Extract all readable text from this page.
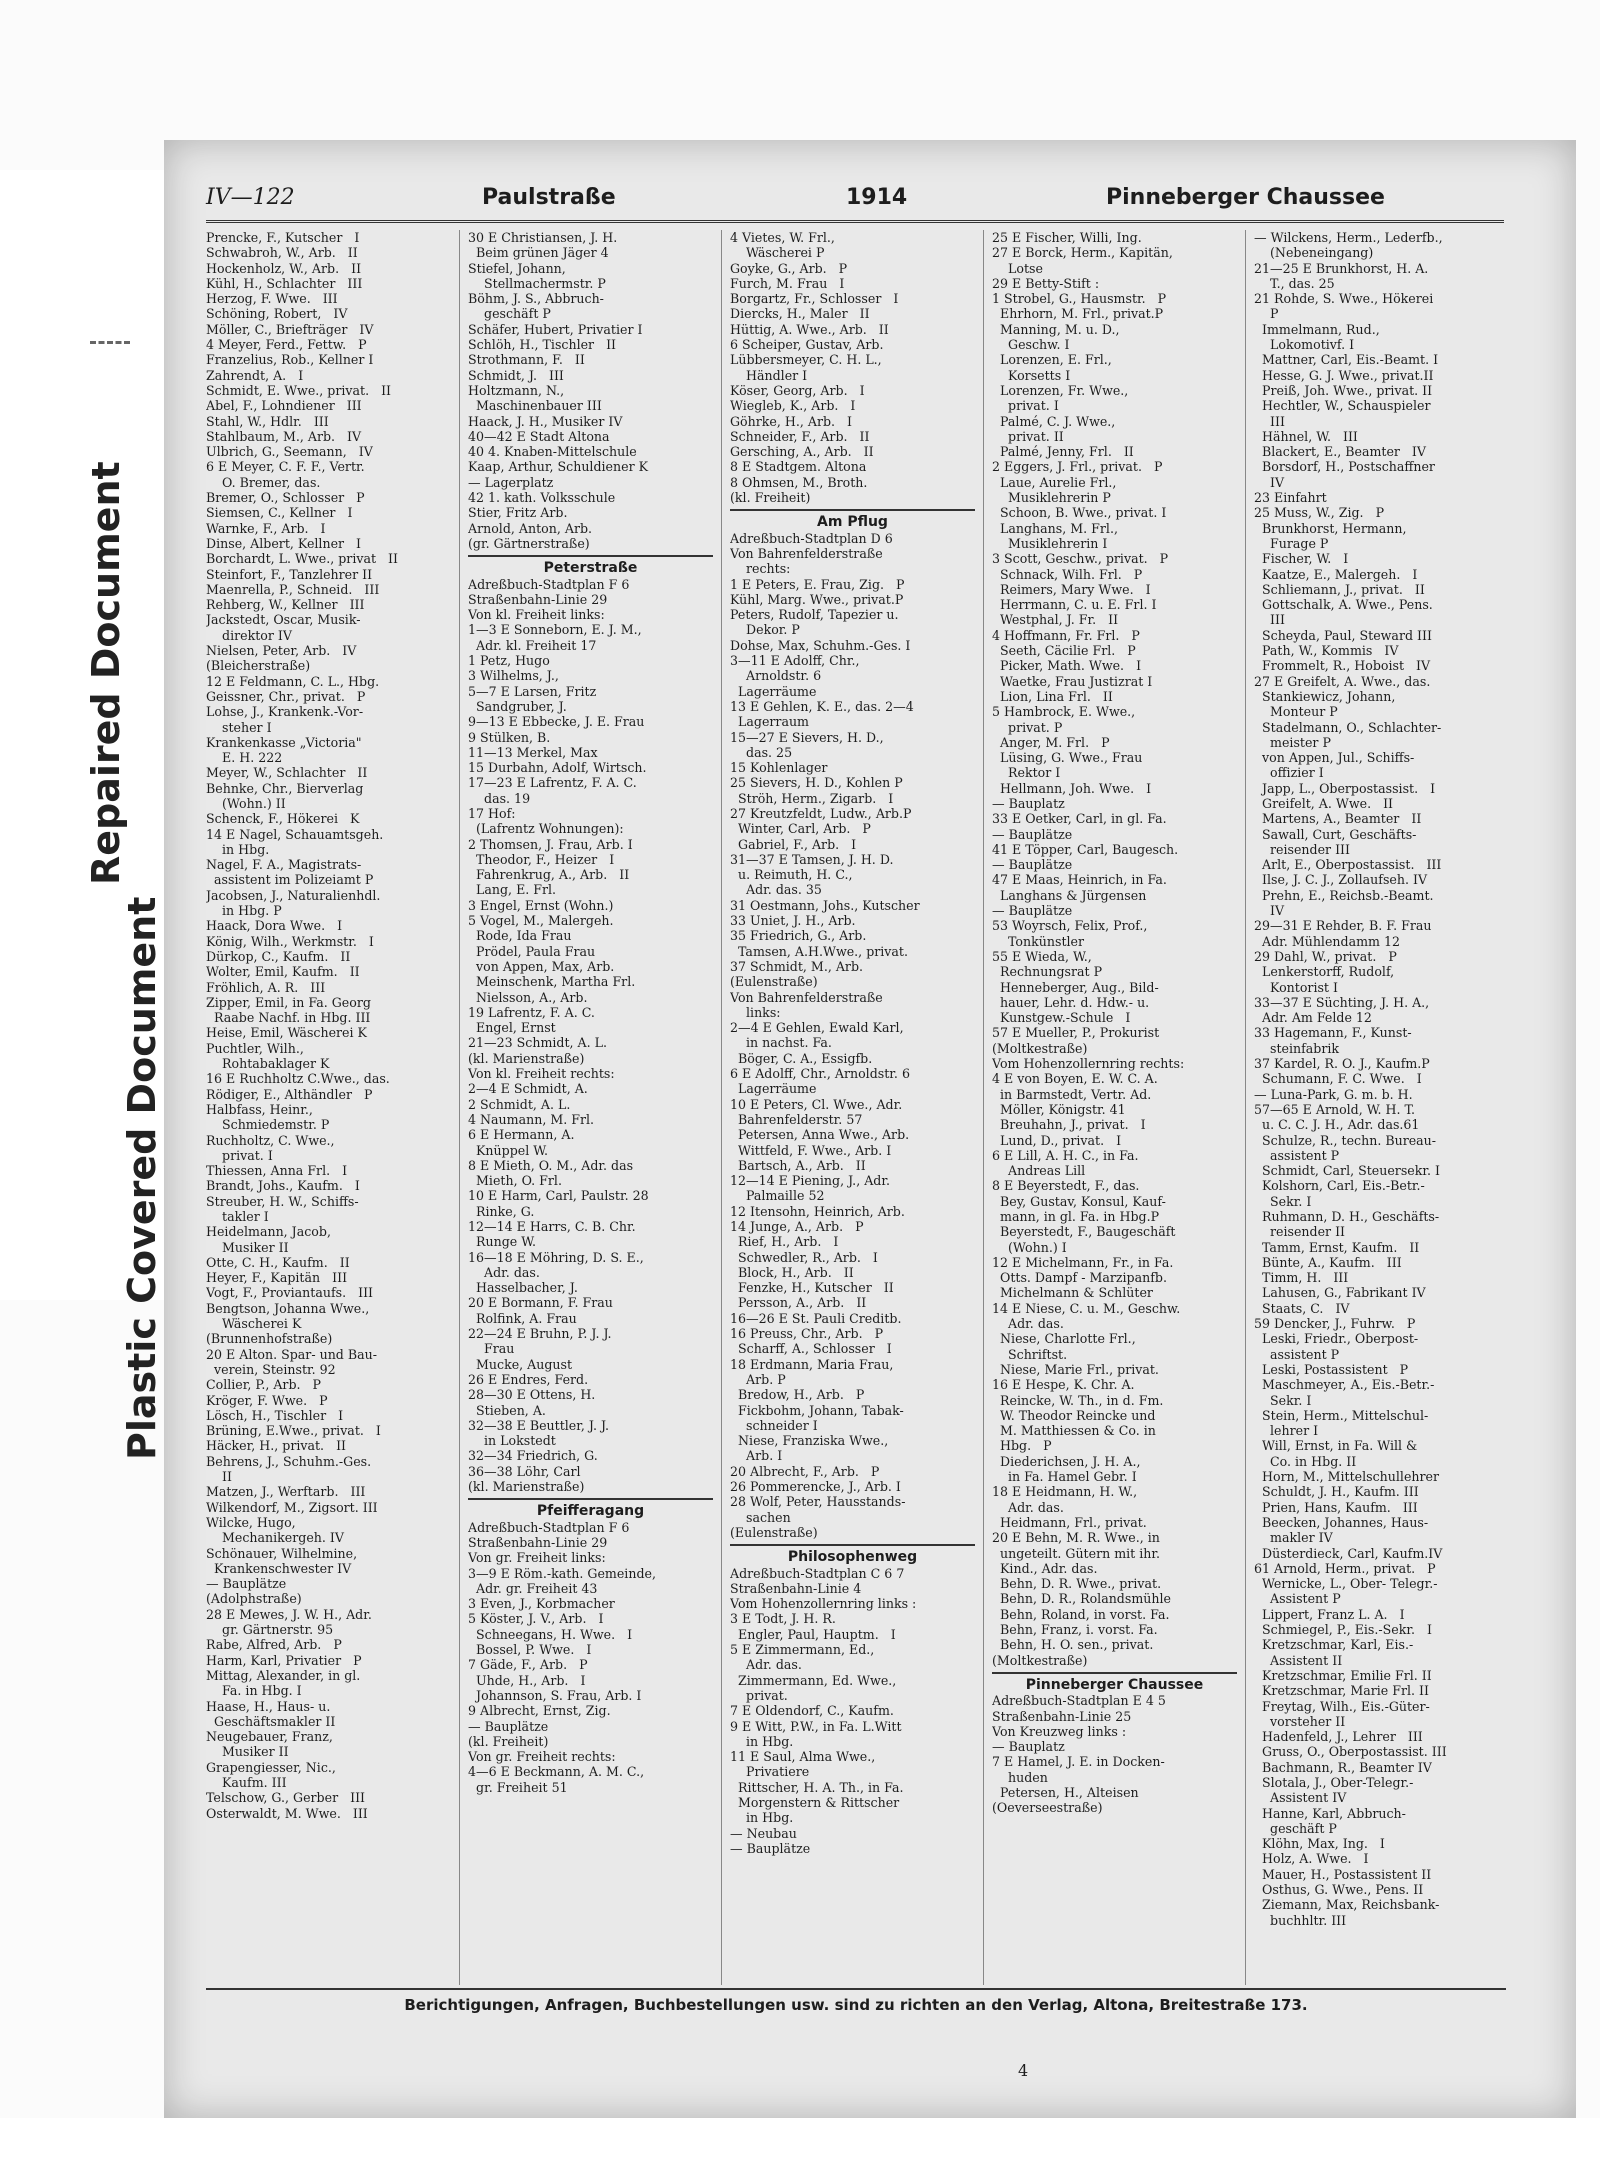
Repaired Document
Plastic Covered Document
IV—122	Paulstraße	1914	Pinneberger Chaussee
Prencke, F., Kutscher   I
Schwabroh, W., Arb.   II
Hockenholz, W., Arb.   II
Kühl, H., Schlachter   III
Herzog, F. Wwe.   III
Schöning, Robert,   IV
Möller, C., Briefträger   IV
4 Meyer, Ferd., Fettw.   P
Franzelius, Rob., Kellner I
Zahrendt, A.   I
Schmidt, E. Wwe., privat.   II
Abel, F., Lohndiener   III
Stahl, W., Hdlr.   III
Stahlbaum, M., Arb.   IV
Ulbrich, G., Seemann,   IV
6 E Meyer, C. F. F., Vertr.
O. Bremer, das.
Bremer, O., Schlosser   P
Siemsen, C., Kellner   I
Warnke, F., Arb.   I
Dinse, Albert, Kellner   I
Borchardt, L. Wwe., privat   II
Steinfort, F., Tanzlehrer II
Maenrella, P., Schneid.   III
Rehberg, W., Kellner   III
Jackstedt, Oscar, Musik-
direktor IV
Nielsen, Peter, Arb.   IV
(Bleicherstraße)
12 E Feldmann, C. L., Hbg.
Geissner, Chr., privat.   P
Lohse, J., Krankenk.-Vor-
steher I
Krankenkasse „Victoria"
E. H. 222
Meyer, W., Schlachter   II
Behnke, Chr., Bierverlag
(Wohn.) II
Schenck, F., Hökerei   K
14 E Nagel, Schauamtsgeh.
in Hbg.
Nagel, F. A., Magistrats-
assistent im Polizeiamt P
Jacobsen, J., Naturalienhdl.
in Hbg. P
Haack, Dora Wwe.   I
König, Wilh., Werkmstr.   I
Dürkop, C., Kaufm.   II
Wolter, Emil, Kaufm.   II
Fröhlich, A. R.   III
Zipper, Emil, in Fa. Georg
Raabe Nachf. in Hbg. III
Heise, Emil, Wäscherei K
Puchtler, Wilh.,
Rohtabaklager K
16 E Ruchholtz C.Wwe., das.
Rödiger, E., Althändler   P
Halbfass, Heinr.,
Schmiedemstr. P
Ruchholtz, C. Wwe.,
privat. I
Thiessen, Anna Frl.   I
Brandt, Johs., Kaufm.   I
Streuber, H. W., Schiffs-
takler I
Heidelmann, Jacob,
Musiker II
Otte, C. H., Kaufm.   II
Heyer, F., Kapitän   III
Vogt, F., Proviantaufs.   III
Bengtson, Johanna Wwe.,
Wäscherei K
(Brunnenhofstraße)
20 E Alton. Spar- und Bau-
verein, Steinstr. 92
Collier, P., Arb.   P
Kröger, F. Wwe.   P
Lösch, H., Tischler   I
Brüning, E.Wwe., privat.   I
Häcker, H., privat.   II
Behrens, J., Schuhm.-Ges.
II
Matzen, J., Werftarb.   III
Wilkendorf, M., Zigsort. III
Wilcke, Hugo,
Mechanikergeh. IV
Schönauer, Wilhelmine,
Krankenschwester IV
— Bauplätze
(Adolphstraße)
28 E Mewes, J. W. H., Adr.
gr. Gärtnerstr. 95
Rabe, Alfred, Arb.   P
Harm, Karl, Privatier   P
Mittag, Alexander, in gl.
Fa. in Hbg. I
Haase, H., Haus- u.
Geschäftsmakler II
Neugebauer, Franz,
Musiker II
Grapengiesser, Nic.,
Kaufm. III
Telschow, G., Gerber   III
Osterwaldt, M. Wwe.   III
30 E Christiansen, J. H.
Beim grünen Jäger 4
Stiefel, Johann,
Stellmachermstr. P
Böhm, J. S., Abbruch-
geschäft P
Schäfer, Hubert, Privatier I
Schlöh, H., Tischler   II
Strothmann, F.   II
Schmidt, J.   III
Holtzmann, N.,
Maschinenbauer III
Haack, J. H., Musiker IV
40—42 E Stadt Altona
40 4. Knaben-Mittelschule
Kaap, Arthur, Schuldiener K
— Lagerplatz
42 1. kath. Volksschule
Stier, Fritz Arb.
Arnold, Anton, Arb.
(gr. Gärtnerstraße)
Peterstraße
Adreßbuch-Stadtplan F 6
Straßenbahn-Linie 29
Von kl. Freiheit links:
1—3 E Sonneborn, E. J. M.,
Adr. kl. Freiheit 17
1 Petz, Hugo
3 Wilhelms, J.,
5—7 E Larsen, Fritz
Sandgruber, J.
9—13 E Ebbecke, J. E. Frau
9 Stülken, B.
11—13 Merkel, Max
15 Durbahn, Adolf, Wirtsch.
17—23 E Lafrentz, F. A. C.
das. 19
17 Hof:
(Lafrentz Wohnungen):
2 Thomsen, J. Frau, Arb. I
Theodor, F., Heizer   I
Fahrenkrug, A., Arb.   II
Lang, E. Frl.
3 Engel, Ernst (Wohn.)
5 Vogel, M., Malergeh.
Rode, Ida Frau
Prödel, Paula Frau
von Appen, Max, Arb.
Meinschenk, Martha Frl.
Nielsson, A., Arb.
19 Lafrentz, F. A. C.
Engel, Ernst
21—23 Schmidt, A. L.
(kl. Marienstraße)
Von kl. Freiheit rechts:
2—4 E Schmidt, A.
2 Schmidt, A. L.
4 Naumann, M. Frl.
6 E Hermann, A.
Knüppel W.
8 E Mieth, O. M., Adr. das
Mieth, O. Frl.
10 E Harm, Carl, Paulstr. 28
Rinke, G.
12—14 E Harrs, C. B. Chr.
Runge W.
16—18 E Möhring, D. S. E.,
Adr. das.
Hasselbacher, J.
20 E Bormann, F. Frau
Rolfink, A. Frau
22—24 E Bruhn, P. J. J.
Frau
Mucke, August
26 E Endres, Ferd.
28—30 E Ottens, H.
Stieben, A.
32—38 E Beuttler, J. J.
in Lokstedt
32—34 Friedrich, G.
36—38 Löhr, Carl
(kl. Marienstraße)
Pfeifferagang
Adreßbuch-Stadtplan F 6
Straßenbahn-Linie 29
Von gr. Freiheit links:
3—9 E Röm.-kath. Gemeinde,
Adr. gr. Freiheit 43
3 Even, J., Korbmacher
5 Köster, J. V., Arb.   I
Schneegans, H. Wwe.   I
Bossel, P. Wwe.   I
7 Gäde, F., Arb.   P
Uhde, H., Arb.   I
Johannson, S. Frau, Arb. I
9 Albrecht, Ernst, Zig.
— Bauplätze
(kl. Freiheit)
Von gr. Freiheit rechts:
4—6 E Beckmann, A. M. C.,
gr. Freiheit 51
4 Vietes, W. Frl.,
Wäscherei P
Goyke, G., Arb.   P
Furch, M. Frau   I
Borgartz, Fr., Schlosser   I
Diercks, H., Maler   II
Hüttig, A. Wwe., Arb.   II
6 Scheiper, Gustav, Arb.
Lübbersmeyer, C. H. L.,
Händler I
Köser, Georg, Arb.   I
Wiegleb, K., Arb.   I
Göhrke, H., Arb.   I
Schneider, F., Arb.   II
Gersching, A., Arb.   II
8 E Stadtgem. Altona
8 Ohmsen, M., Broth.
(kl. Freiheit)
Am Pflug
Adreßbuch-Stadtplan D 6
Von Bahrenfelderstraße
rechts:
1 E Peters, E. Frau, Zig.   P
Kühl, Marg. Wwe., privat.P
Peters, Rudolf, Tapezier u.
Dekor. P
Dohse, Max, Schuhm.-Ges. I
3—11 E Adolff, Chr.,
Arnoldstr. 6
Lagerräume
13 E Gehlen, K. E., das. 2—4
Lagerraum
15—27 E Sievers, H. D.,
das. 25
15 Kohlenlager
25 Sievers, H. D., Kohlen P
Ströh, Herm., Zigarb.   I
27 Kreutzfeldt, Ludw., Arb.P
Winter, Carl, Arb.   P
Gabriel, F., Arb.   I
31—37 E Tamsen, J. H. D.
u. Reimuth, H. C.,
Adr. das. 35
31 Oestmann, Johs., Kutscher
33 Uniet, J. H., Arb.
35 Friedrich, G., Arb.
Tamsen, A.H.Wwe., privat.
37 Schmidt, M., Arb.
(Eulenstraße)
Von Bahrenfelderstraße
links:
2—4 E Gehlen, Ewald Karl,
in nachst. Fa.
Böger, C. A., Essigfb.
6 E Adolff, Chr., Arnoldstr. 6
Lagerräume
10 E Peters, Cl. Wwe., Adr.
Bahrenfelderstr. 57
Petersen, Anna Wwe., Arb.
Wittfeld, F. Wwe., Arb. I
Bartsch, A., Arb.   II
12—14 E Piening, J., Adr.
Palmaille 52
12 Itensohn, Heinrich, Arb.
14 Junge, A., Arb.   P
Rief, H., Arb.   I
Schwedler, R., Arb.   I
Block, H., Arb.   II
Fenzke, H., Kutscher   II
Persson, A., Arb.   II
16—26 E St. Pauli Creditb.
16 Preuss, Chr., Arb.   P
Scharff, A., Schlosser   I
18 Erdmann, Maria Frau,
Arb. P
Bredow, H., Arb.   P
Fickbohm, Johann, Tabak-
schneider I
Niese, Franziska Wwe.,
Arb. I
20 Albrecht, F., Arb.   P
26 Pommerencke, J., Arb. I
28 Wolf, Peter, Hausstands-
sachen
(Eulenstraße)
Philosophenweg
Adreßbuch-Stadtplan C 6 7
Straßenbahn-Linie 4
Vom Hohenzollernring links :
3 E Todt, J. H. R.
Engler, Paul, Hauptm.   I
5 E Zimmermann, Ed.,
Adr. das.
Zimmermann, Ed. Wwe.,
privat.
7 E Oldendorf, C., Kaufm.
9 E Witt, P.W., in Fa. L.Witt
in Hbg.
11 E Saul, Alma Wwe.,
Privatiere
Rittscher, H. A. Th., in Fa.
Morgenstern & Rittscher
in Hbg.
— Neubau
— Bauplätze
25 E Fischer, Willi, Ing.
27 E Borck, Herm., Kapitän,
Lotse
29 E Betty-Stift :
1 Strobel, G., Hausmstr.   P
Ehrhorn, M. Frl., privat.P
Manning, M. u. D.,
Geschw. I
Lorenzen, E. Frl.,
Korsetts I
Lorenzen, Fr. Wwe.,
privat. I
Palmé, C. J. Wwe.,
privat. II
Palmé, Jenny, Frl.   II
2 Eggers, J. Frl., privat.   P
Laue, Aurelie Frl.,
Musiklehrerin P
Schoon, B. Wwe., privat. I
Langhans, M. Frl.,
Musiklehrerin I
3 Scott, Geschw., privat.   P
Schnack, Wilh. Frl.   P
Reimers, Mary Wwe.   I
Herrmann, C. u. E. Frl. I
Westphal, J. Fr.   II
4 Hoffmann, Fr. Frl.   P
Seeth, Cäcilie Frl.   P
Picker, Math. Wwe.   I
Waetke, Frau Justizrat I
Lion, Lina Frl.   II
5 Hambrock, E. Wwe.,
privat. P
Anger, M. Frl.   P
Lüsing, G. Wwe., Frau
Rektor I
Hellmann, Joh. Wwe.   I
— Bauplatz
33 E Oetker, Carl, in gl. Fa.
— Bauplätze
41 E Töpper, Carl, Baugesch.
— Bauplätze
47 E Maas, Heinrich, in Fa.
Langhans & Jürgensen
— Bauplätze
53 Woyrsch, Felix, Prof.,
Tonkünstler
55 E Wieda, W.,
Rechnungsrat P
Henneberger, Aug., Bild-
hauer, Lehr. d. Hdw.- u.
Kunstgew.-Schule   I
57 E Mueller, P., Prokurist
(Moltkestraße)
Vom Hohenzollernring rechts:
4 E von Boyen, E. W. C. A.
in Barmstedt, Vertr. Ad.
Möller, Königstr. 41
Breuhahn, J., privat.   I
Lund, D., privat.   I
6 E Lill, A. H. C., in Fa.
Andreas Lill
8 E Beyerstedt, F., das.
Bey, Gustav, Konsul, Kauf-
mann, in gl. Fa. in Hbg.P
Beyerstedt, F., Baugeschäft
(Wohn.) I
12 E Michelmann, Fr., in Fa.
Otts. Dampf - Marzipanfb.
Michelmann & Schlüter
14 E Niese, C. u. M., Geschw.
Adr. das.
Niese, Charlotte Frl.,
Schriftst.
Niese, Marie Frl., privat.
16 E Hespe, K. Chr. A.
Reincke, W. Th., in d. Fm.
W. Theodor Reincke und
M. Matthiessen & Co. in
Hbg.   P
Diederichsen, J. H. A.,
in Fa. Hamel Gebr. I
18 E Heidmann, H. W.,
Adr. das.
Heidmann, Frl., privat.
20 E Behn, M. R. Wwe., in
ungeteilt. Gütern mit ihr.
Kind., Adr. das.
Behn, D. R. Wwe., privat.
Behn, D. R., Rolandsmühle
Behn, Roland, in vorst. Fa.
Behn, Franz, i. vorst. Fa.
Behn, H. O. sen., privat.
(Moltkestraße)
Pinneberger Chaussee
Adreßbuch-Stadtplan E 4 5
Straßenbahn-Linie 25
Von Kreuzweg links :
— Bauplatz
7 E Hamel, J. E. in Docken-
huden
Petersen, H., Alteisen
(Oeverseestraße)
— Wilckens, Herm., Lederfb.,
(Nebeneingang)
21—25 E Brunkhorst, H. A.
T., das. 25
21 Rohde, S. Wwe., Hökerei
P
Immelmann, Rud.,
Lokomotivf. I
Mattner, Carl, Eis.-Beamt. I
Hesse, G. J. Wwe., privat.II
Preiß, Joh. Wwe., privat. II
Hechtler, W., Schauspieler
III
Hähnel, W.   III
Blackert, E., Beamter   IV
Borsdorf, H., Postschaffner
IV
23 Einfahrt
25 Muss, W., Zig.   P
Brunkhorst, Hermann,
Furage P
Fischer, W.   I
Kaatze, E., Malergeh.   I
Schliemann, J., privat.   II
Gottschalk, A. Wwe., Pens.
III
Scheyda, Paul, Steward III
Path, W., Kommis   IV
Frommelt, R., Hoboist   IV
27 E Greifelt, A. Wwe., das.
Stankiewicz, Johann,
Monteur P
Stadelmann, O., Schlachter-
meister P
von Appen, Jul., Schiffs-
offizier I
Japp, L., Oberpostassist.   I
Greifelt, A. Wwe.   II
Martens, A., Beamter   II
Sawall, Curt, Geschäfts-
reisender III
Arlt, E., Oberpostassist.   III
Ilse, J. C. J., Zollaufseh. IV
Prehn, E., Reichsb.-Beamt.
IV
29—31 E Rehder, B. F. Frau
Adr. Mühlendamm 12
29 Dahl, W., privat.   P
Lenkerstorff, Rudolf,
Kontorist I
33—37 E Süchting, J. H. A.,
Adr. Am Felde 12
33 Hagemann, F., Kunst-
steinfabrik
37 Kardel, R. O. J., Kaufm.P
Schumann, F. C. Wwe.   I
— Luna-Park, G. m. b. H.
57—65 E Arnold, W. H. T.
u. C. C. J. H., Adr. das.61
Schulze, R., techn. Bureau-
assistent P
Schmidt, Carl, Steuersekr. I
Kolshorn, Carl, Eis.-Betr.-
Sekr. I
Ruhmann, D. H., Geschäfts-
reisender II
Tamm, Ernst, Kaufm.   II
Bünte, A., Kaufm.   III
Timm, H.   III
Lahusen, G., Fabrikant IV
Staats, C.   IV
59 Dencker, J., Fuhrw.   P
Leski, Friedr., Oberpost-
assistent P
Leski, Postassistent   P
Maschmeyer, A., Eis.-Betr.-
Sekr. I
Stein, Herm., Mittelschul-
lehrer I
Will, Ernst, in Fa. Will &
Co. in Hbg. II
Horn, M., Mittelschullehrer
Schuldt, J. H., Kaufm. III
Prien, Hans, Kaufm.   III
Beecken, Johannes, Haus-
makler IV
Düsterdieck, Carl, Kaufm.IV
61 Arnold, Herm., privat.   P
Wernicke, L., Ober- Telegr.-
Assistent P
Lippert, Franz L. A.   I
Schmiegel, P., Eis.-Sekr.   I
Kretzschmar, Karl, Eis.-
Assistent II
Kretzschmar, Emilie Frl. II
Kretzschmar, Marie Frl. II
Freytag, Wilh., Eis.-Güter-
vorsteher II
Hadenfeld, J., Lehrer   III
Gruss, O., Oberpostassist. III
Bachmann, R., Beamter IV
Slotala, J., Ober-Telegr.-
Assistent IV
Hanne, Karl, Abbruch-
geschäft P
Klöhn, Max, Ing.   I
Holz, A. Wwe.   I
Mauer, H., Postassistent II
Osthus, G. Wwe., Pens. II
Ziemann, Max, Reichsbank-
buchhltr. III
Berichtigungen, Anfragen, Buchbestellungen usw. sind zu richten an den Verlag, Altona, Breitestraße 173.
4
